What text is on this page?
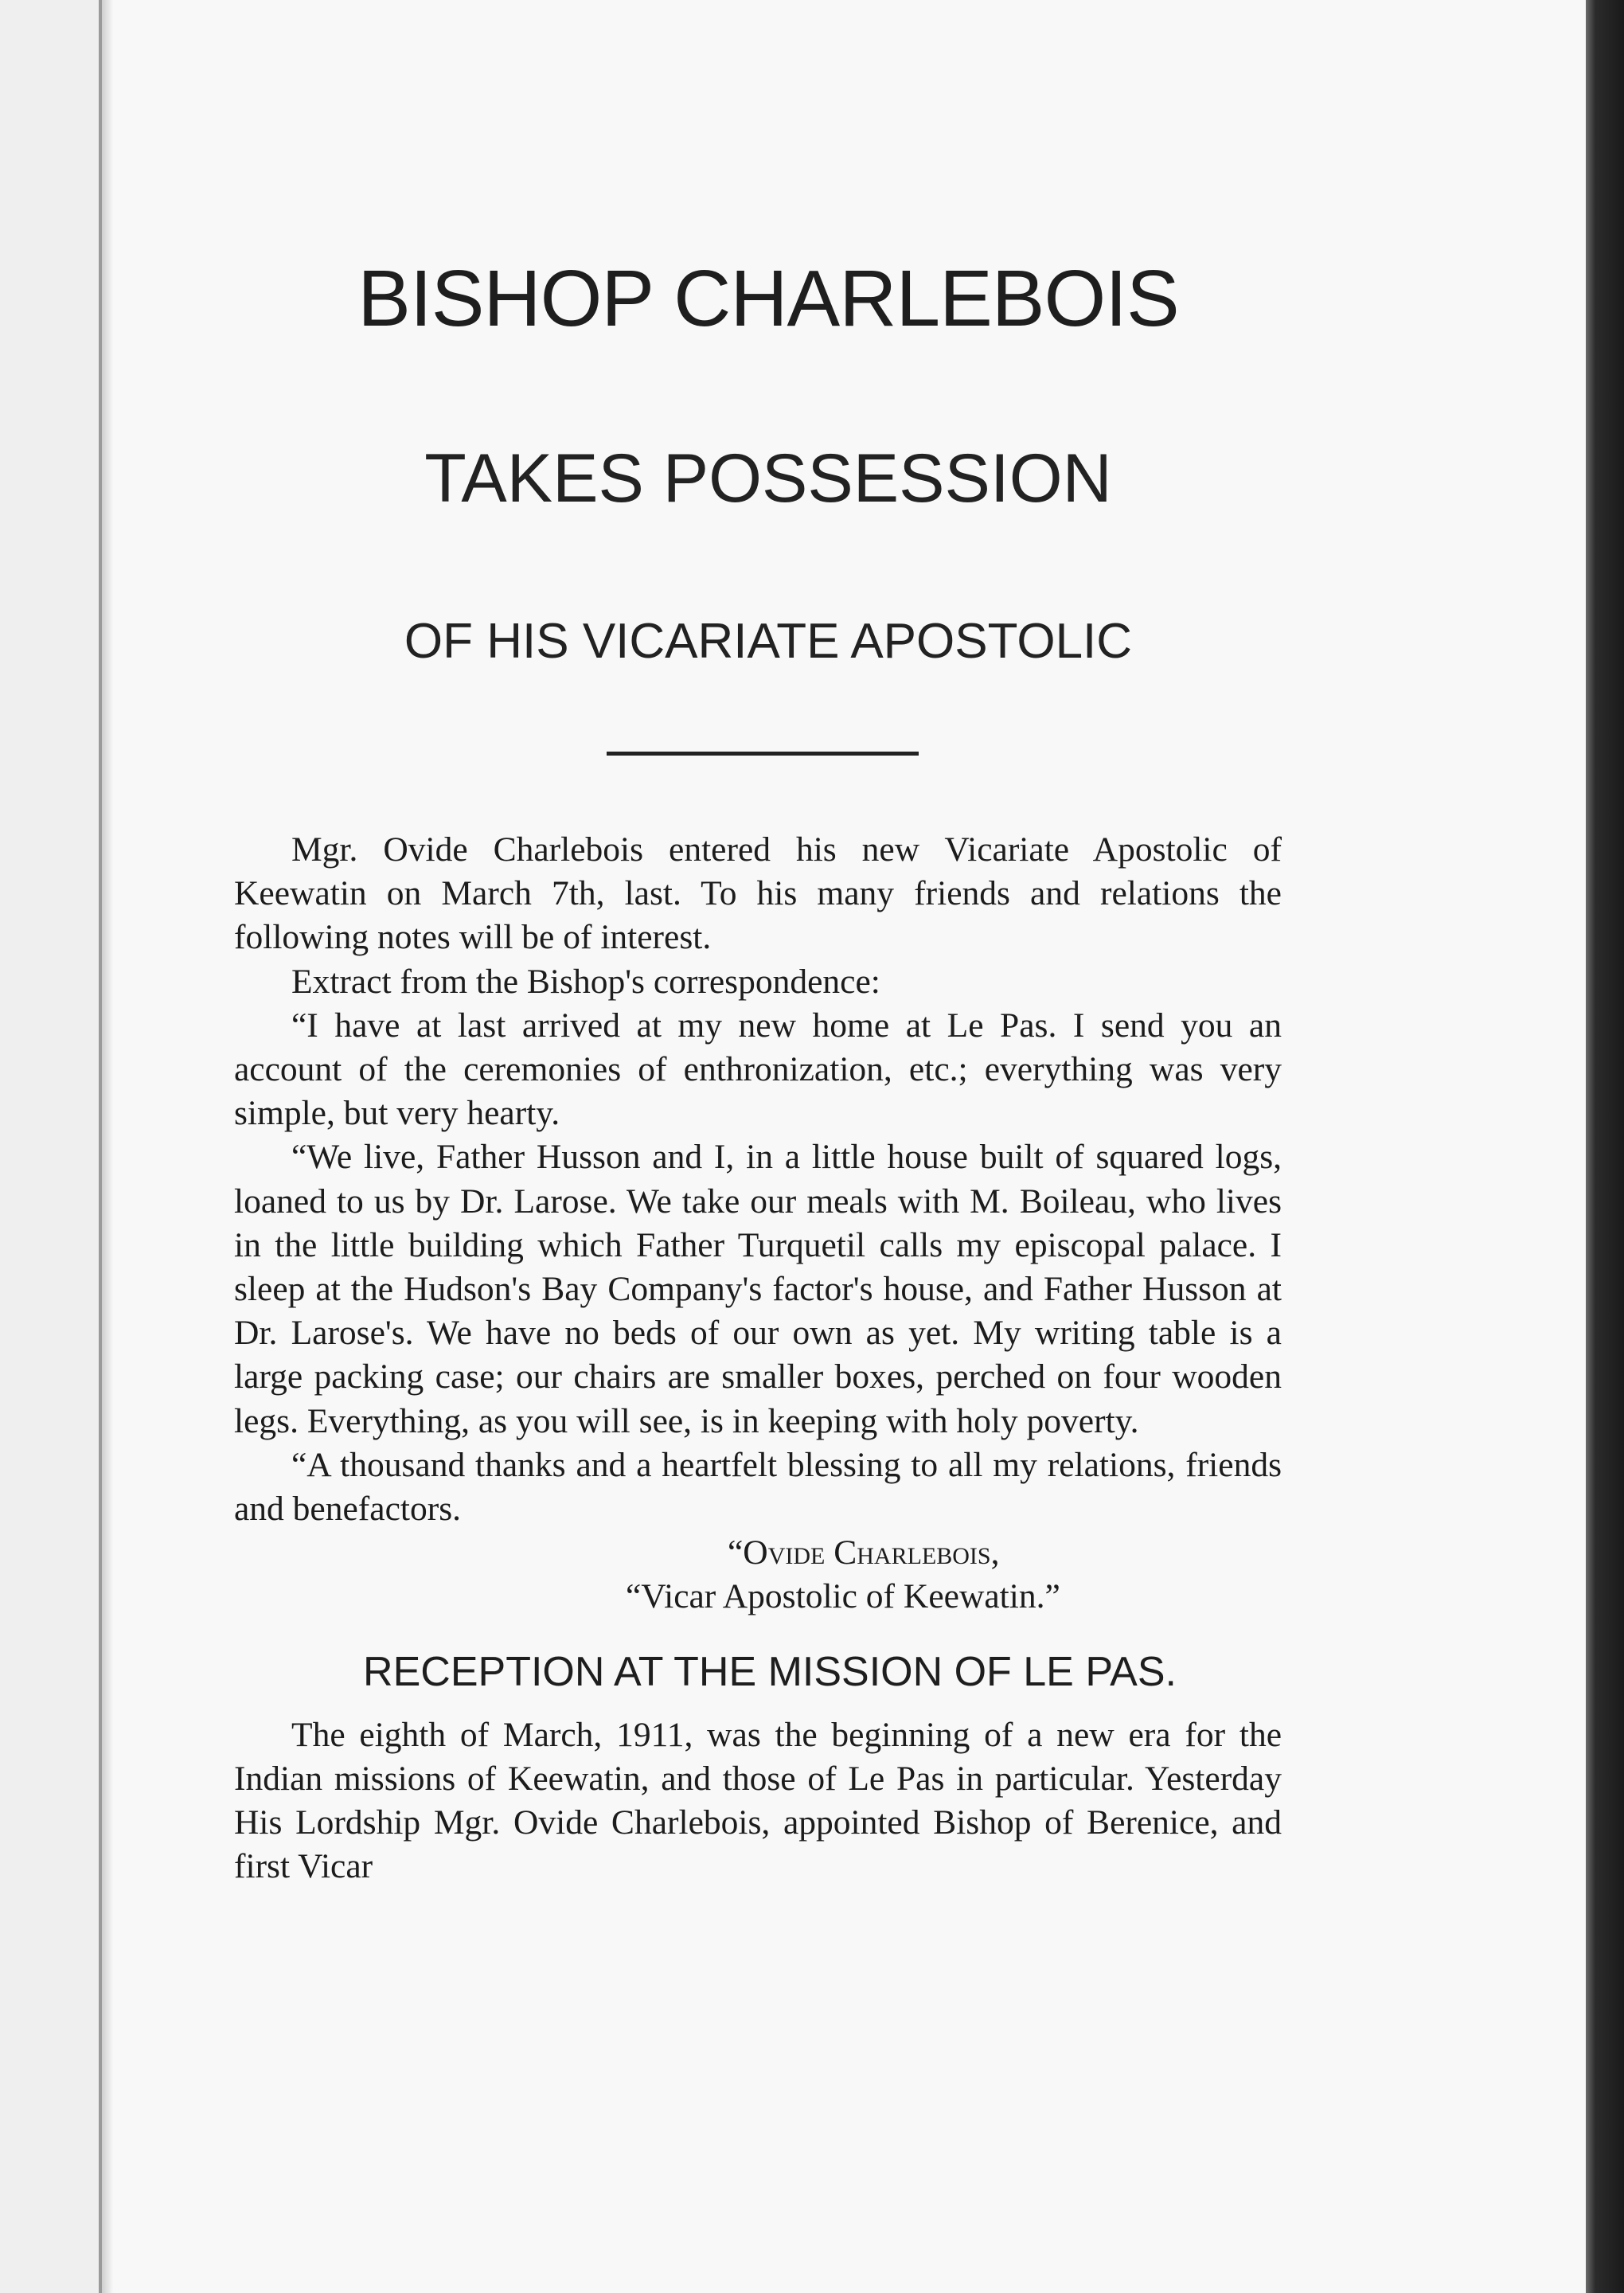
BISHOP CHARLEBOIS
TAKES POSSESSION
OF HIS VICARIATE APOSTOLIC

Mgr. Ovide Charlebois entered his new Vicariate Apostolic of Keewatin on March 7th, last. To his many friends and relations the following notes will be of interest.

Extract from the Bishop's correspondence:

“I have at last arrived at my new home at Le Pas. I send you an account of the ceremonies of enthronization, etc.; everything was very simple, but very hearty.

“We live, Father Husson and I, in a little house built of squared logs, loaned to us by Dr. Larose. We take our meals with M. Boileau, who lives in the little building which Father Turquetil calls my episcopal palace. I sleep at the Hudson's Bay Company's factor's house, and Father Husson at Dr. Larose's. We have no beds of our own as yet. My writing table is a large packing case; our chairs are smaller boxes, perched on four wooden legs. Everything, as you will see, is in keeping with holy poverty.

“A thousand thanks and a heartfelt blessing to all my relations, friends and benefactors.

“Ovide Charlebois,
“Vicar Apostolic of Keewatin.”
RECEPTION AT THE MISSION OF LE PAS.

The eighth of March, 1911, was the beginning of a new era for the Indian missions of Keewatin, and those of Le Pas in particular. Yesterday His Lordship Mgr. Ovide Charlebois, appointed Bishop of Berenice, and first Vicar
